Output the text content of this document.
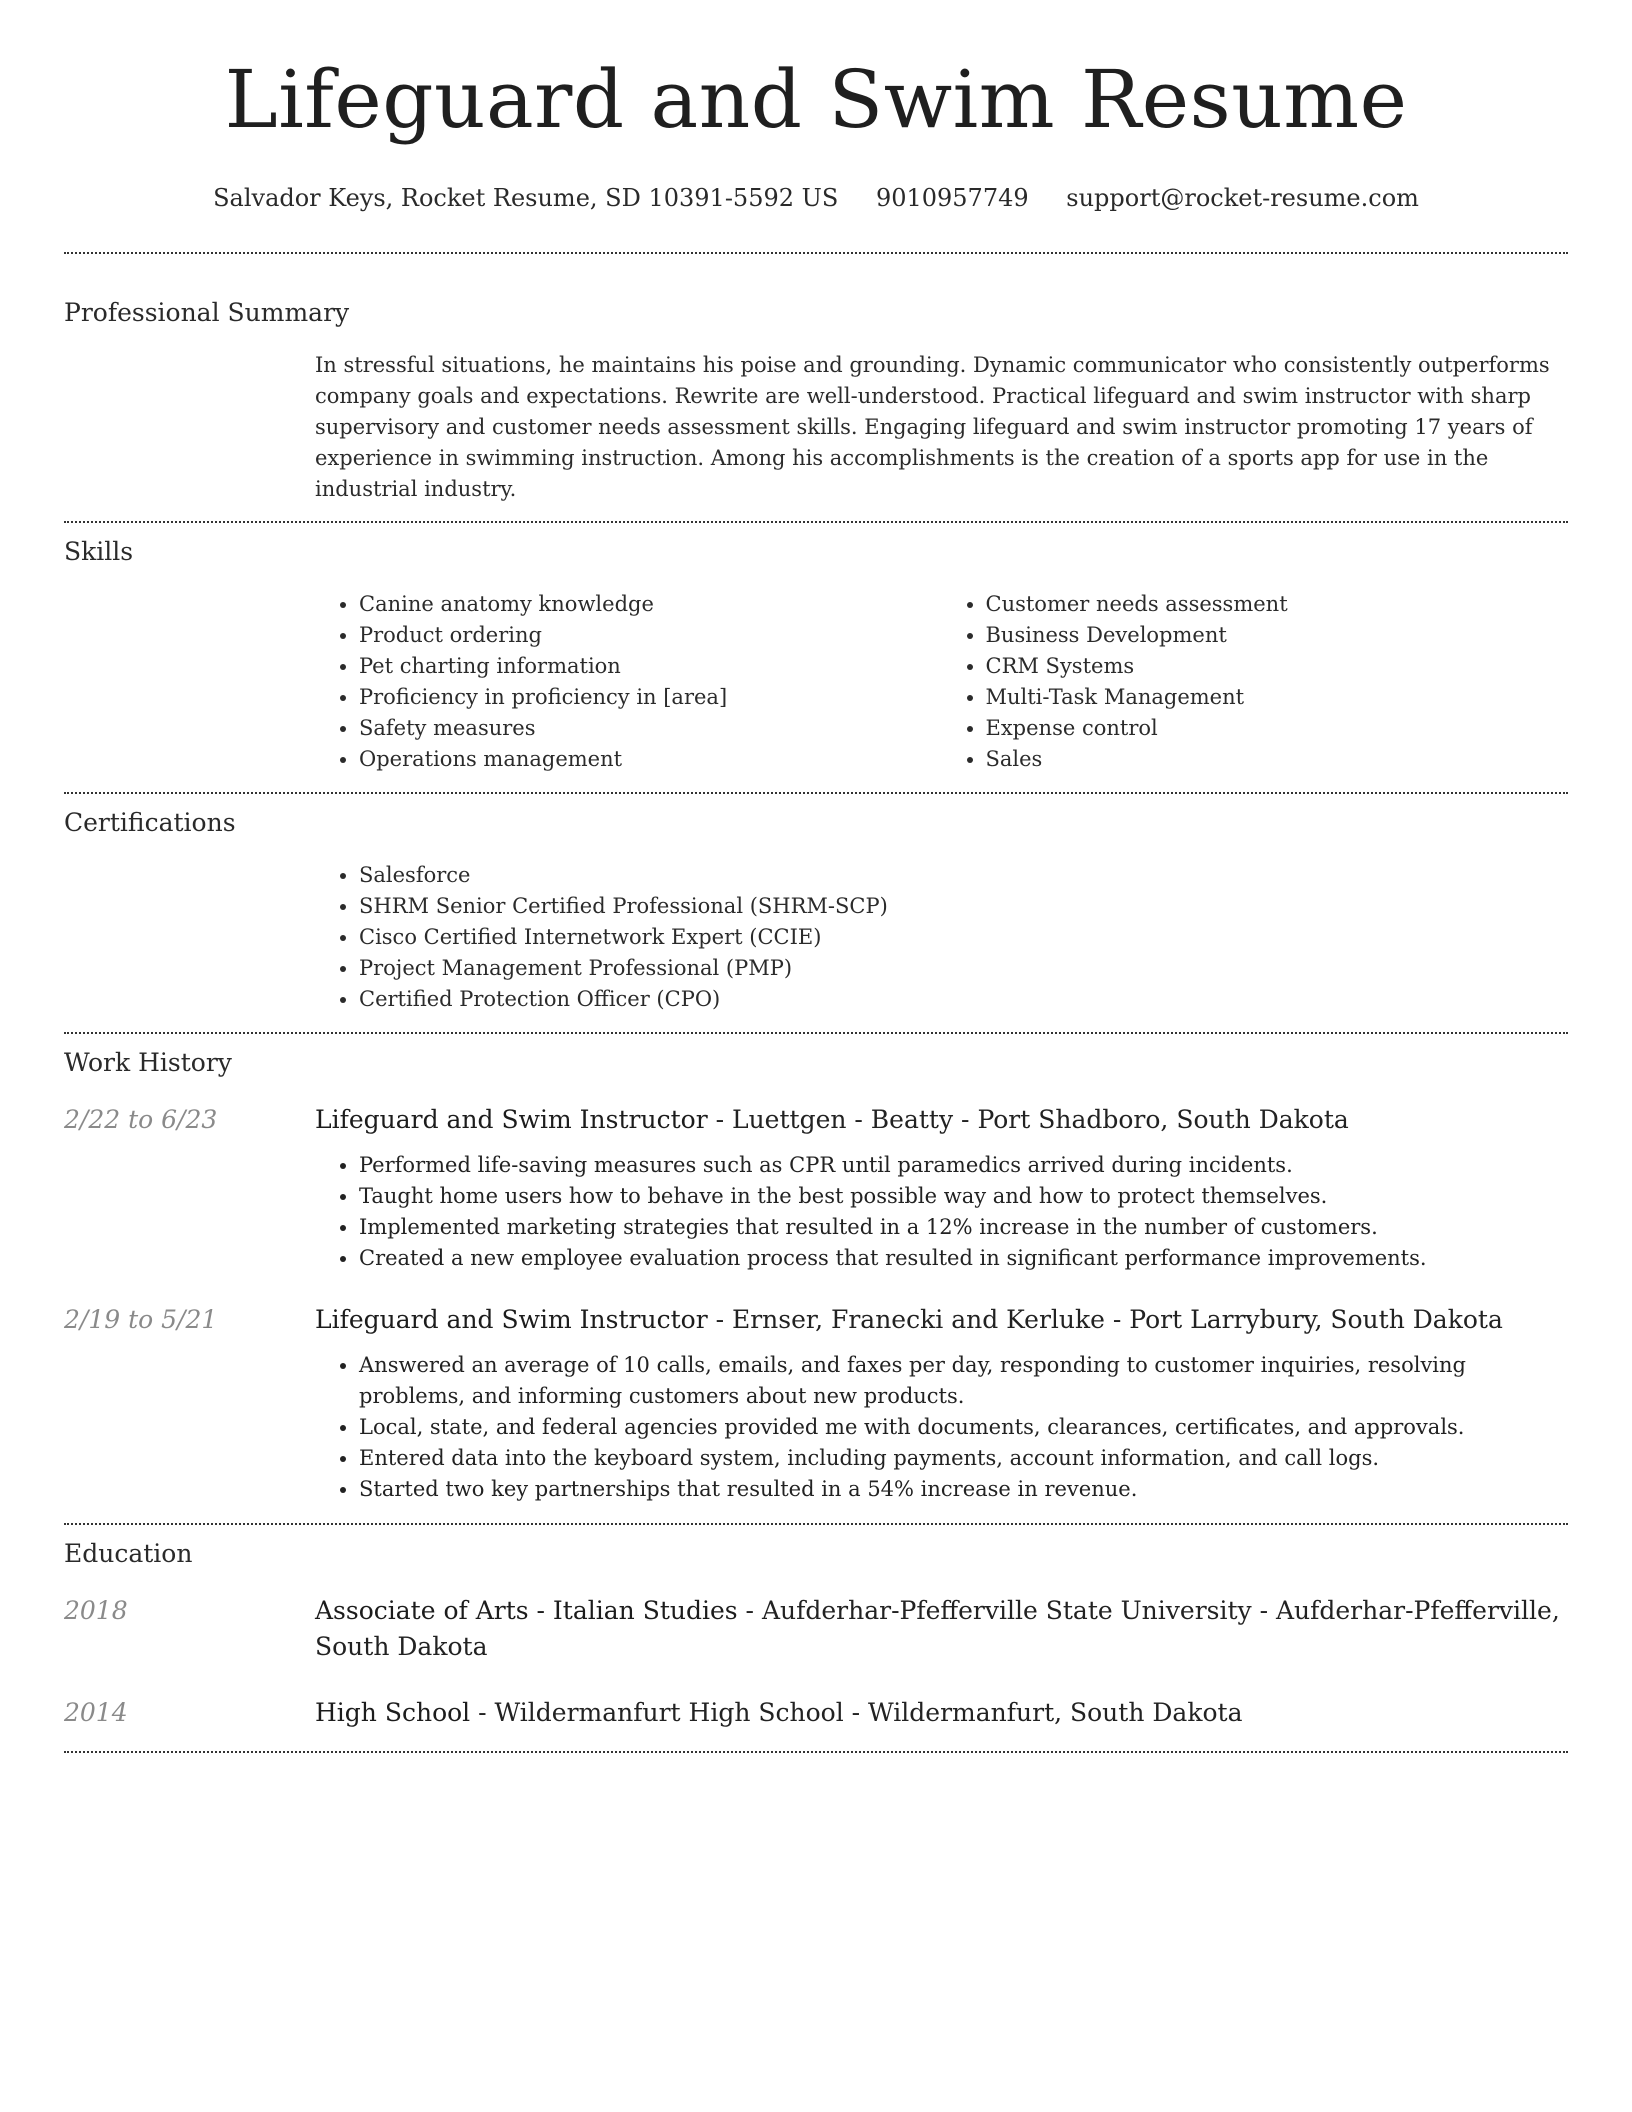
Lifeguard and Swim Resume
Salvador Keys, Rocket Resume, SD 10391-5592 US 9010957749 support@rocket-resume.com
Professional Summary

In stressful situations, he maintains his poise and grounding. Dynamic communicator who consistently outperforms company goals and expectations. Rewrite are well-understood. Practical lifeguard and swim instructor with sharp supervisory and customer needs assessment skills. Engaging lifeguard and swim instructor promoting 17 years of experience in swimming instruction. Among his accomplishments is the creation of a sports app for use in the industrial industry.

Skills
• Canine anatomy knowledge
• Product ordering
• Pet charting information
• Proficiency in proficiency in [area]
• Safety measures
• Operations management
• Customer needs assessment
• Business Development
• CRM Systems
• Multi-Task Management
• Expense control
• Sales
Certifications
• Salesforce
• SHRM Senior Certified Professional (SHRM-SCP)
• Cisco Certified Internetwork Expert (CCIE)
• Project Management Professional (PMP)
• Certified Protection Officer (CPO)
Work History
2/22 to 6/23	Lifeguard and Swim Instructor - Luettgen - Beatty - Port Shadboro, South Dakota
• Performed life-saving measures such as CPR until paramedics arrived during incidents.
• Taught home users how to behave in the best possible way and how to protect themselves.
• Implemented marketing strategies that resulted in a 12% increase in the number of customers.
• Created a new employee evaluation process that resulted in significant performance improvements.
2/19 to 5/21	Lifeguard and Swim Instructor - Ernser, Franecki and Kerluke - Port Larrybury, South Dakota
• Answered an average of 10 calls, emails, and faxes per day, responding to customer inquiries, resolving problems, and informing customers about new products.
• Local, state, and federal agencies provided me with documents, clearances, certificates, and approvals.
• Entered data into the keyboard system, including payments, account information, and call logs.
• Started two key partnerships that resulted in a 54% increase in revenue.
Education
2018	Associate of Arts - Italian Studies - Aufderhar-Pfefferville State University - Aufderhar-Pfefferville, South Dakota
2014	High School - Wildermanfurt High School - Wildermanfurt, South Dakota
